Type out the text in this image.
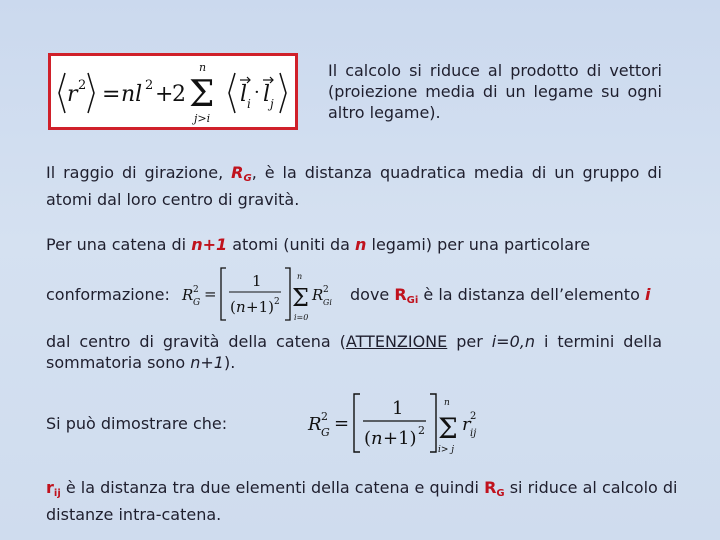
r 2 = nl 2 +
2 Σ
n
j>i
l i
· l j
Il calcolo si riduce al prodotto di vettori (proiezione media di un legame su ogni altro legame).
Il raggio di girazione, $R_G$, è la distanza quadratica media di un gruppo di atomi dal loro centro di gravità.
Per una catena di n+1 atomi (uniti da n legami) per una particolare
conformazione: R G
2 =
1
( n +1) 2 Σ
n
i=0
R Gi
2 dove $R_{Gi}$ è la distanza dell’elemento i
dal centro di gravità della catena (ATTENZIONE per i=0,n i termini della sommatoria sono n+1).
Si può dimostrare che:	R G
2 =
1
( n +1) 2 Σ
n
i> j
r ij
2
$r_{ij}$ è la distanza tra due elementi della catena e quindi $R_G$ si riduce al calcolo di distanze intra-catena.
